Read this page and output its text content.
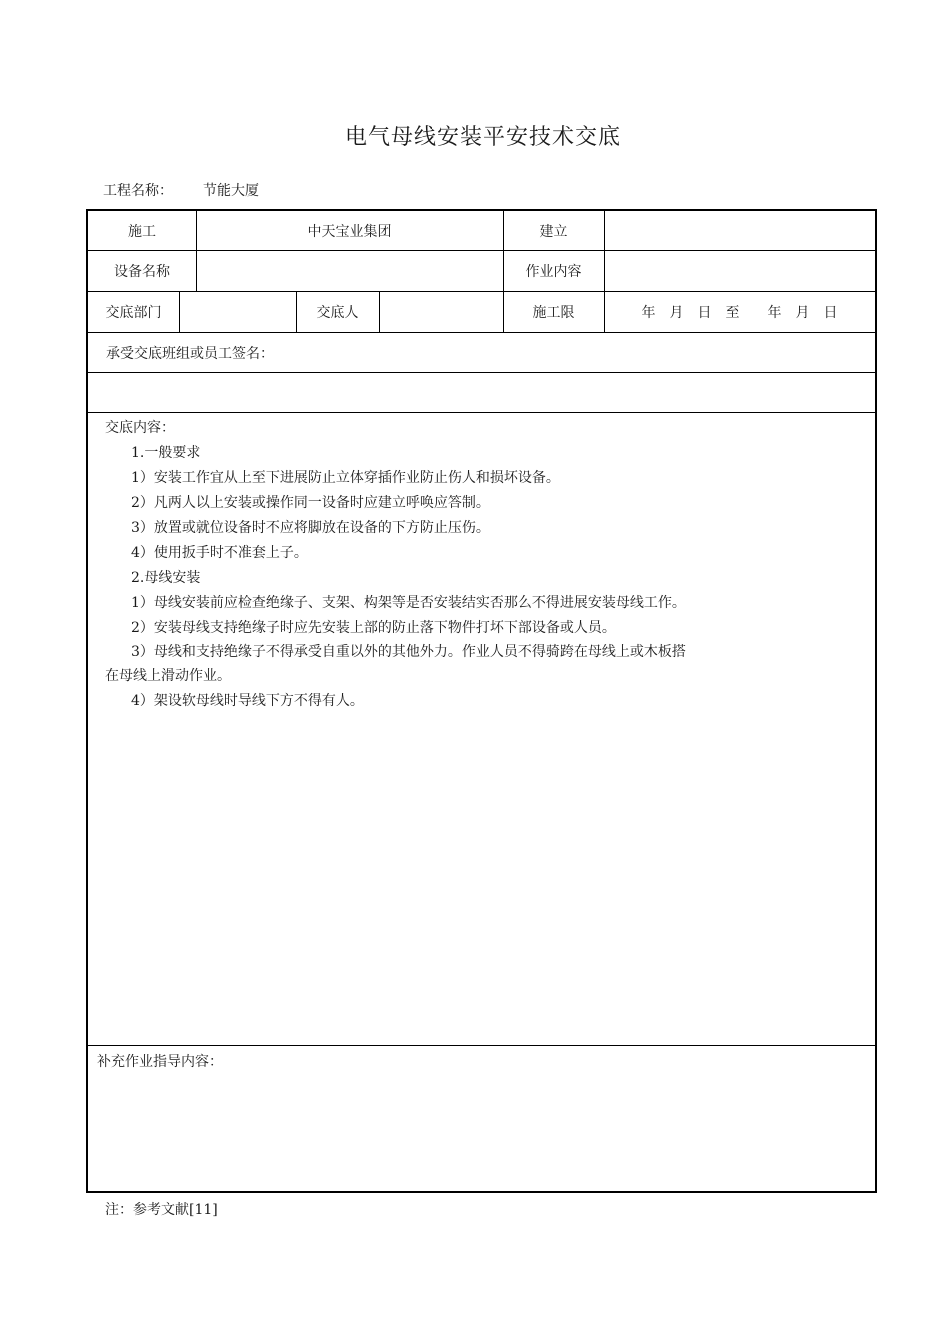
电气母线安装平安技术交底
工程名称： 节能大厦
施工	中天宝业集团	建立
设备名称	作业内容
交底部门	交底人	施工限	年　月　日　至　　年　月　日
承受交底班组或员工签名：
交底内容：
1.一般要求
1）安装工作宜从上至下进展防止立体穿插作业防止伤人和损坏设备。
2）凡两人以上安装或操作同一设备时应建立呼唤应答制。
3）放置或就位设备时不应将脚放在设备的下方防止压伤。
4）使用扳手时不准套上子。
2.母线安装
1）母线安装前应检查绝缘子、支架、构架等是否安装结实否那么不得进展安装母线工作。
2）安装母线支持绝缘子时应先安装上部的防止落下物件打坏下部设备或人员。
3）母线和支持绝缘子不得承受自重以外的其他外力。作业人员不得骑跨在母线上或木板搭
在母线上滑动作业。
4）架设软母线时导线下方不得有人。
补充作业指导内容：
注：参考文献[11]
